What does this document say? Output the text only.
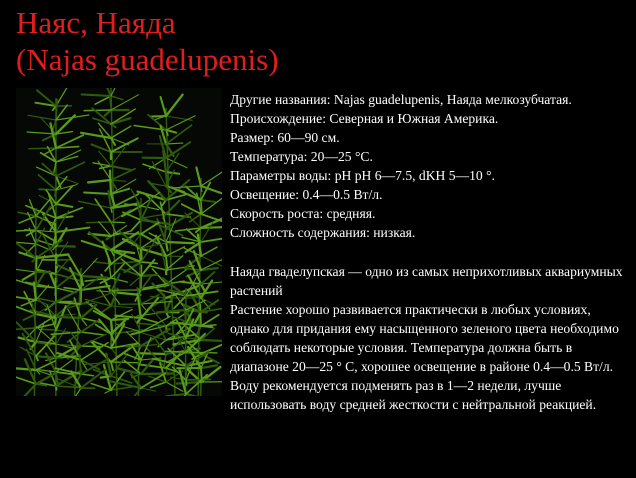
Наяс, Наяда
(Najas guadelupenis)
Другие названия: Najas guadelupenis, Наяда мелкозубчатая.
Происхождение: Северная и Южная Америка.
Размер: 60—90 см.
Температура: 20—25 °C.
Параметры воды: pH pH 6—7.5, dKH 5—10 °.
Освещение: 0.4—0.5 Вт/л.
Скорость роста: средняя.
Сложность содержания: низкая.
Наяда гваделупская — одно из самых неприхотливых аквариумных растений
Растение хорошо развивается практически в любых условиях, однако для придания ему насыщенного зеленого цвета необходимо соблюдать некоторые условия. Температура должна быть в диапазоне 20—25 ° C, хорошее освещение в районе 0.4—0.5 Вт/л. Воду рекомендуется подменять раз в 1—2 недели, лучше использовать воду средней жесткости с нейтральной реакцией.
